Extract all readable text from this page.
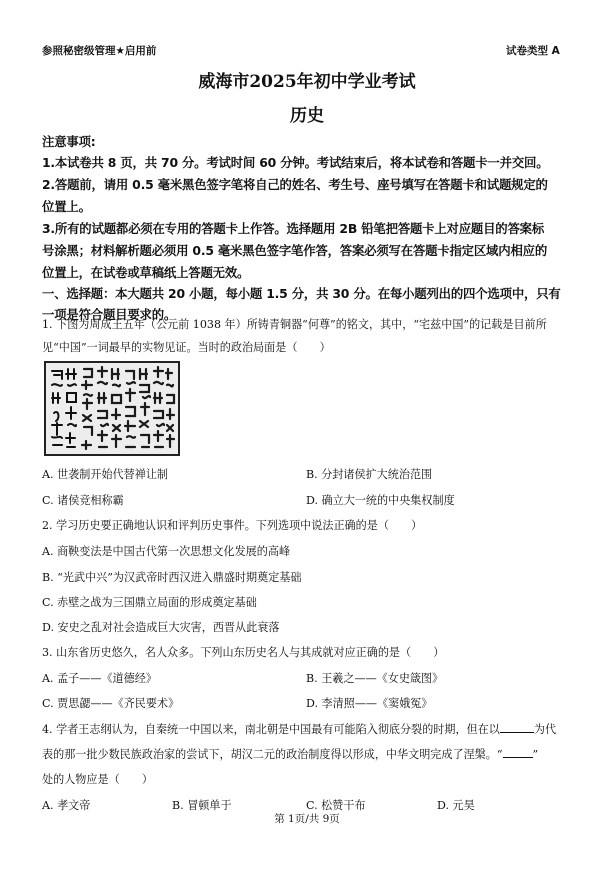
参照秘密级管理★启用前	试卷类型 A
威海市2025年初中学业考试
历史
注意事项:
1.本试卷共 8 页，共 70 分。考试时间 60 分钟。考试结束后，将本试卷和答题卡一并交回。
2.答题前，请用 0.5 毫米黑色签字笔将自己的姓名、考生号、座号填写在答题卡和试题规定的
位置上。
3.所有的试题都必须在专用的答题卡上作答。选择题用 2B 铅笔把答题卡上对应题目的答案标
号涂黑；材料解析题必须用 0.5 毫米黑色签字笔作答，答案必须写在答题卡指定区域内相应的
位置上，在试卷或草稿纸上答题无效。
一、选择题：本大题共 20 小题，每小题 1.5 分，共 30 分。在每小题列出的四个选项中，只有
一项是符合题目要求的。
1. 下图为周成王五年（公元前 1038 年）所铸青铜器“何尊”的铭文，其中，“宅兹中国”的记载是目前所
见“中国”一词最早的实物见证。当时的政治局面是（　　）
A. 世袭制开始代替禅让制	B. 分封诸侯扩大统治范围
C. 诸侯竞相称霸	D. 确立大一统的中央集权制度
2. 学习历史要正确地认识和评判历史事件。下列选项中说法正确的是（　　）
A. 商鞅变法是中国古代第一次思想文化发展的高峰
B. “光武中兴”为汉武帝时西汉进入鼎盛时期奠定基础
C. 赤壁之战为三国鼎立局面的形成奠定基础
D. 安史之乱对社会造成巨大灾害，西晋从此衰落
3. 山东省历史悠久，名人众多。下列山东历史名人与其成就对应正确的是（　　）
A. 孟子——《道德经》	B. 王羲之——《女史箴图》
C. 贾思勰——《齐民要术》	D. 李清照——《窦娥冤》
4. 学者王志纲认为，自秦统一中国以来，南北朝是中国最有可能陷入彻底分裂的时期，但在以	为代
表的那一批少数民族政治家的尝试下，胡汉二元的政治制度得以形成，中华文明完成了涅槃。“	”
处的人物应是（　　）
A. 孝文帝	B. 冒顿单于	C. 松赞干布	D. 元昊
第 1页/共 9页
